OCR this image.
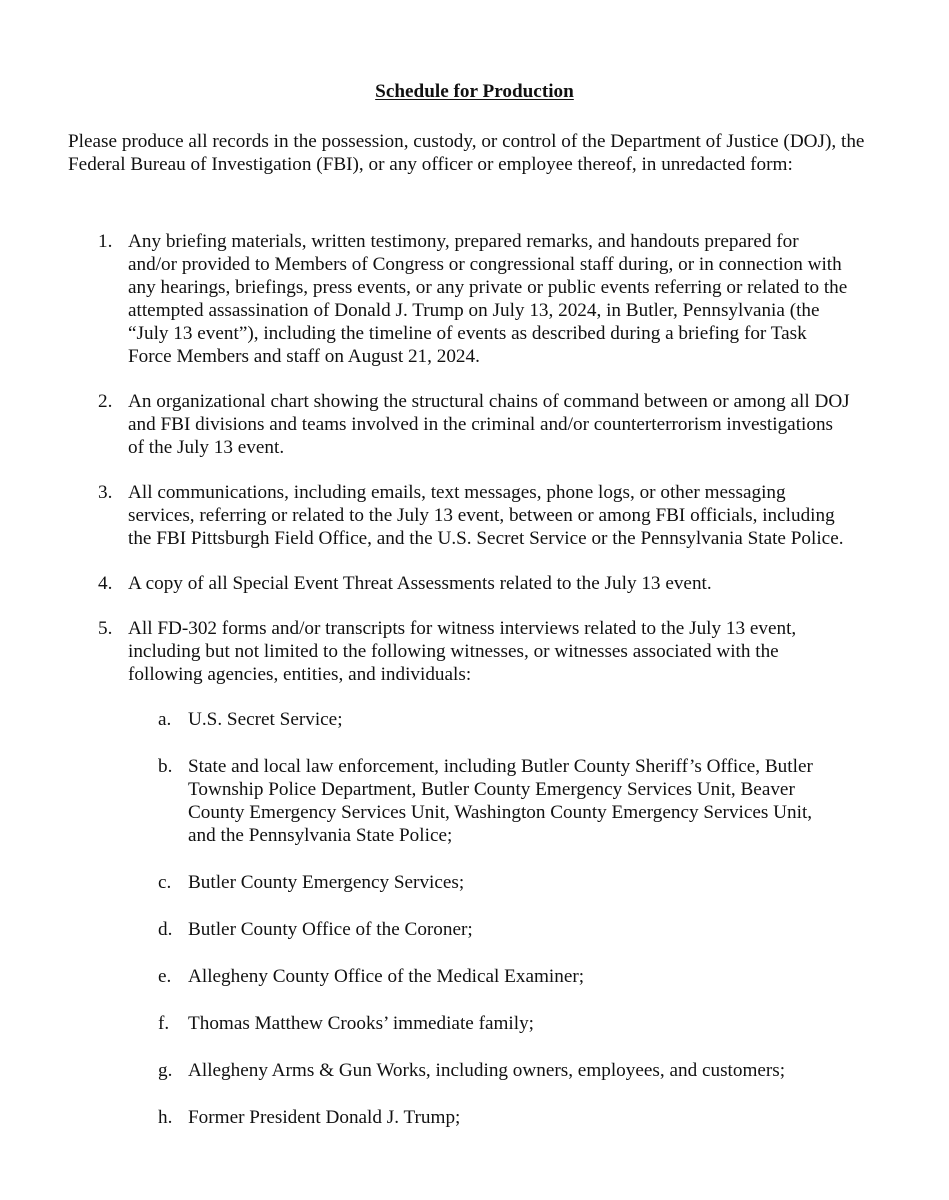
Schedule for Production

Please produce all records in the possession, custody, or control of the Department of Justice (DOJ), the Federal Bureau of Investigation (FBI), or any officer or employee thereof, in unredacted form:

1. Any briefing materials, written testimony, prepared remarks, and handouts prepared for and/or provided to Members of Congress or congressional staff during, or in connection with any hearings, briefings, press events, or any private or public events referring or related to the attempted assassination of Donald J. Trump on July 13, 2024, in Butler, Pennsylvania (the “July 13 event”), including the timeline of events as described during a briefing for Task Force Members and staff on August 21, 2024.
2. An organizational chart showing the structural chains of command between or among all DOJ and FBI divisions and teams involved in the criminal and/or counterterrorism investigations of the July 13 event.
3. All communications, including emails, text messages, phone logs, or other messaging services, referring or related to the July 13 event, between or among FBI officials, including the FBI Pittsburgh Field Office, and the U.S. Secret Service or the Pennsylvania State Police.
4. A copy of all Special Event Threat Assessments related to the July 13 event.
5. All FD-302 forms and/or transcripts for witness interviews related to the July 13 event, including but not limited to the following witnesses, or witnesses associated with the following agencies, entities, and individuals:
a. U.S. Secret Service;
b. State and local law enforcement, including Butler County Sheriff’s Office, Butler Township Police Department, Butler County Emergency Services Unit, Beaver County Emergency Services Unit, Washington County Emergency Services Unit, and the Pennsylvania State Police;
c. Butler County Emergency Services;
d. Butler County Office of the Coroner;
e. Allegheny County Office of the Medical Examiner;
f. Thomas Matthew Crooks’ immediate family;
g. Allegheny Arms & Gun Works, including owners, employees, and customers;
h. Former President Donald J. Trump;
